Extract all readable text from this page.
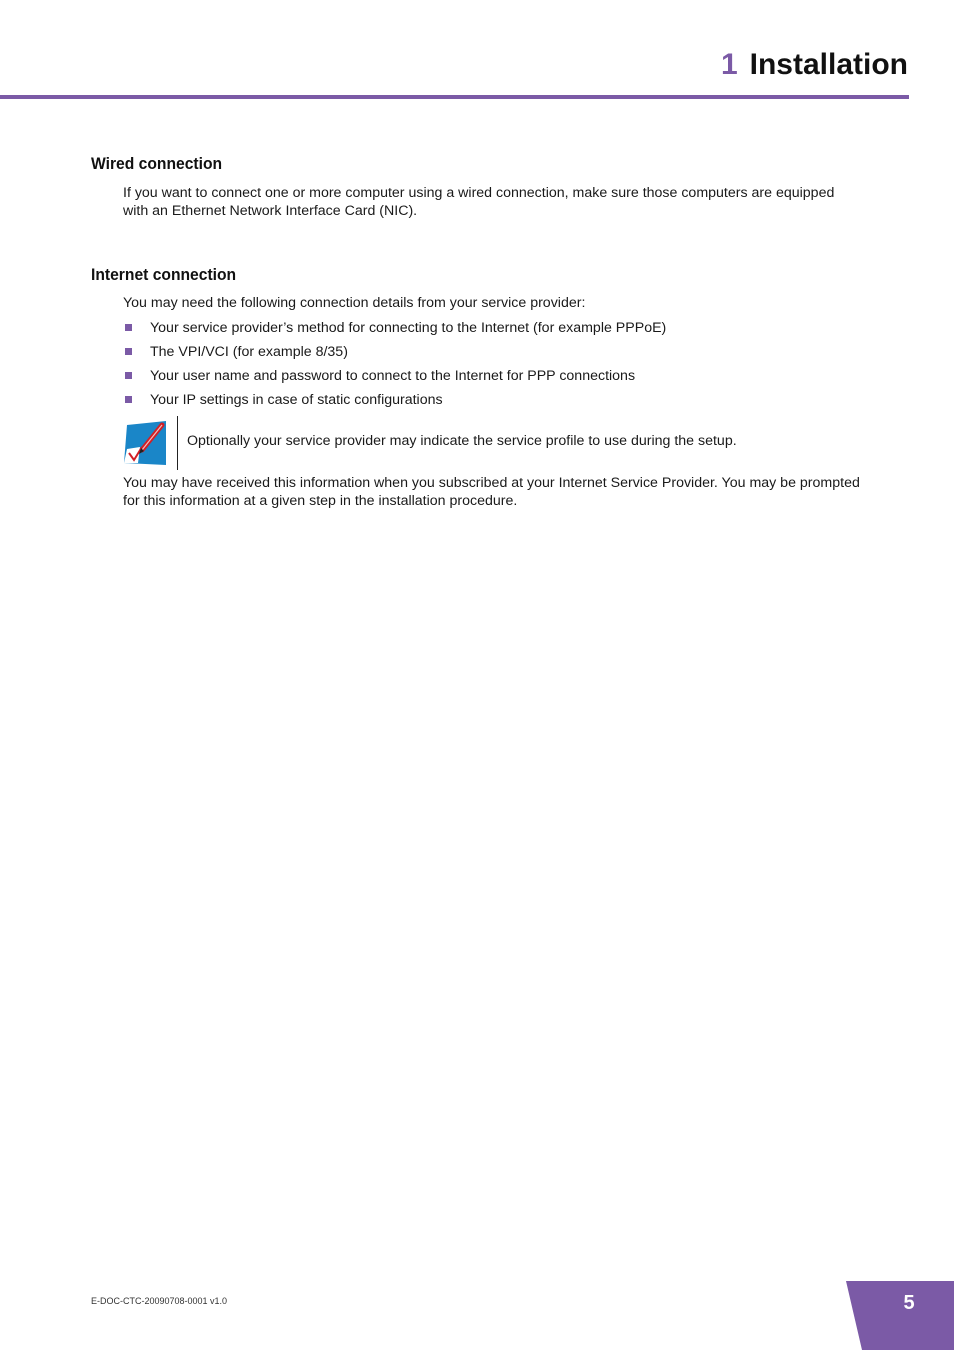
1 Installation
Wired connection
If you want to connect one or more computer using a wired connection, make sure those computers are equipped with an Ethernet Network Interface Card (NIC).
Internet connection
You may need the following connection details from your service provider:
Your service provider’s method for connecting to the Internet (for example PPPoE)
The VPI/VCI (for example 8/35)
Your user name and password to connect to the Internet for PPP connections
Your IP settings in case of static configurations
Optionally your service provider may indicate the service profile to use during the setup.
You may have received this information when you subscribed at your Internet Service Provider. You may be prompted for this information at a given step in the installation procedure.
E-DOC-CTC-20090708-0001 v1.0	5
